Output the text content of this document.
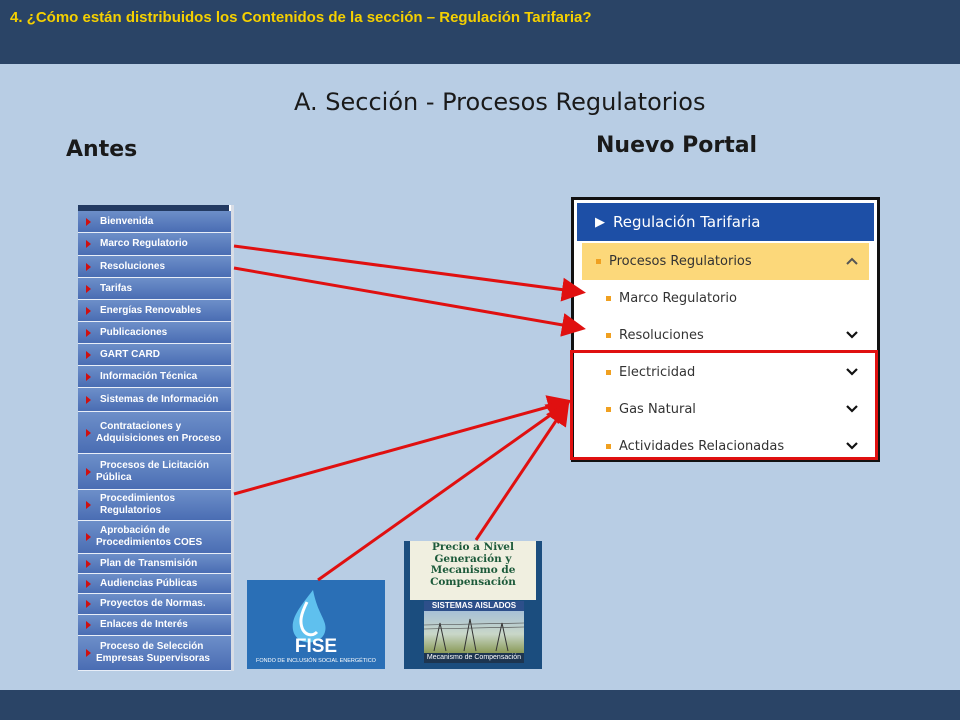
4. ¿Cómo están distribuidos los Contenidos de la sección – Regulación Tarifaria?
A. Sección - Procesos Regulatorios
Antes	Nuevo Portal
Bienvenida
Marco Regulatorio
Resoluciones
Tarifas
Energías Renovables
Publicaciones
GART CARD
Información Técnica
Sistemas de Información
Contrataciones y
Adquisiciones en Proceso
Procesos de Licitación
Pública
Procedimientos
Regulatorios
Aprobación de
Procedimientos COES
Plan de Transmisión
Audiencias Públicas
Proyectos de Normas.
Enlaces de Interés
Proceso de Selección
Empresas Supervisoras
▶ Regulación Tarifaria
Procesos Regulatorios
Marco Regulatorio
Resoluciones
Electricidad
Gas Natural
Actividades Relacionadas
FISE
FONDO DE INCLUSIÓN SOCIAL ENERGÉTICO
Precio a Nivel Generación y Mecanismo de Compensación
SISTEMAS AISLADOS
Mecanismo de Compensación
